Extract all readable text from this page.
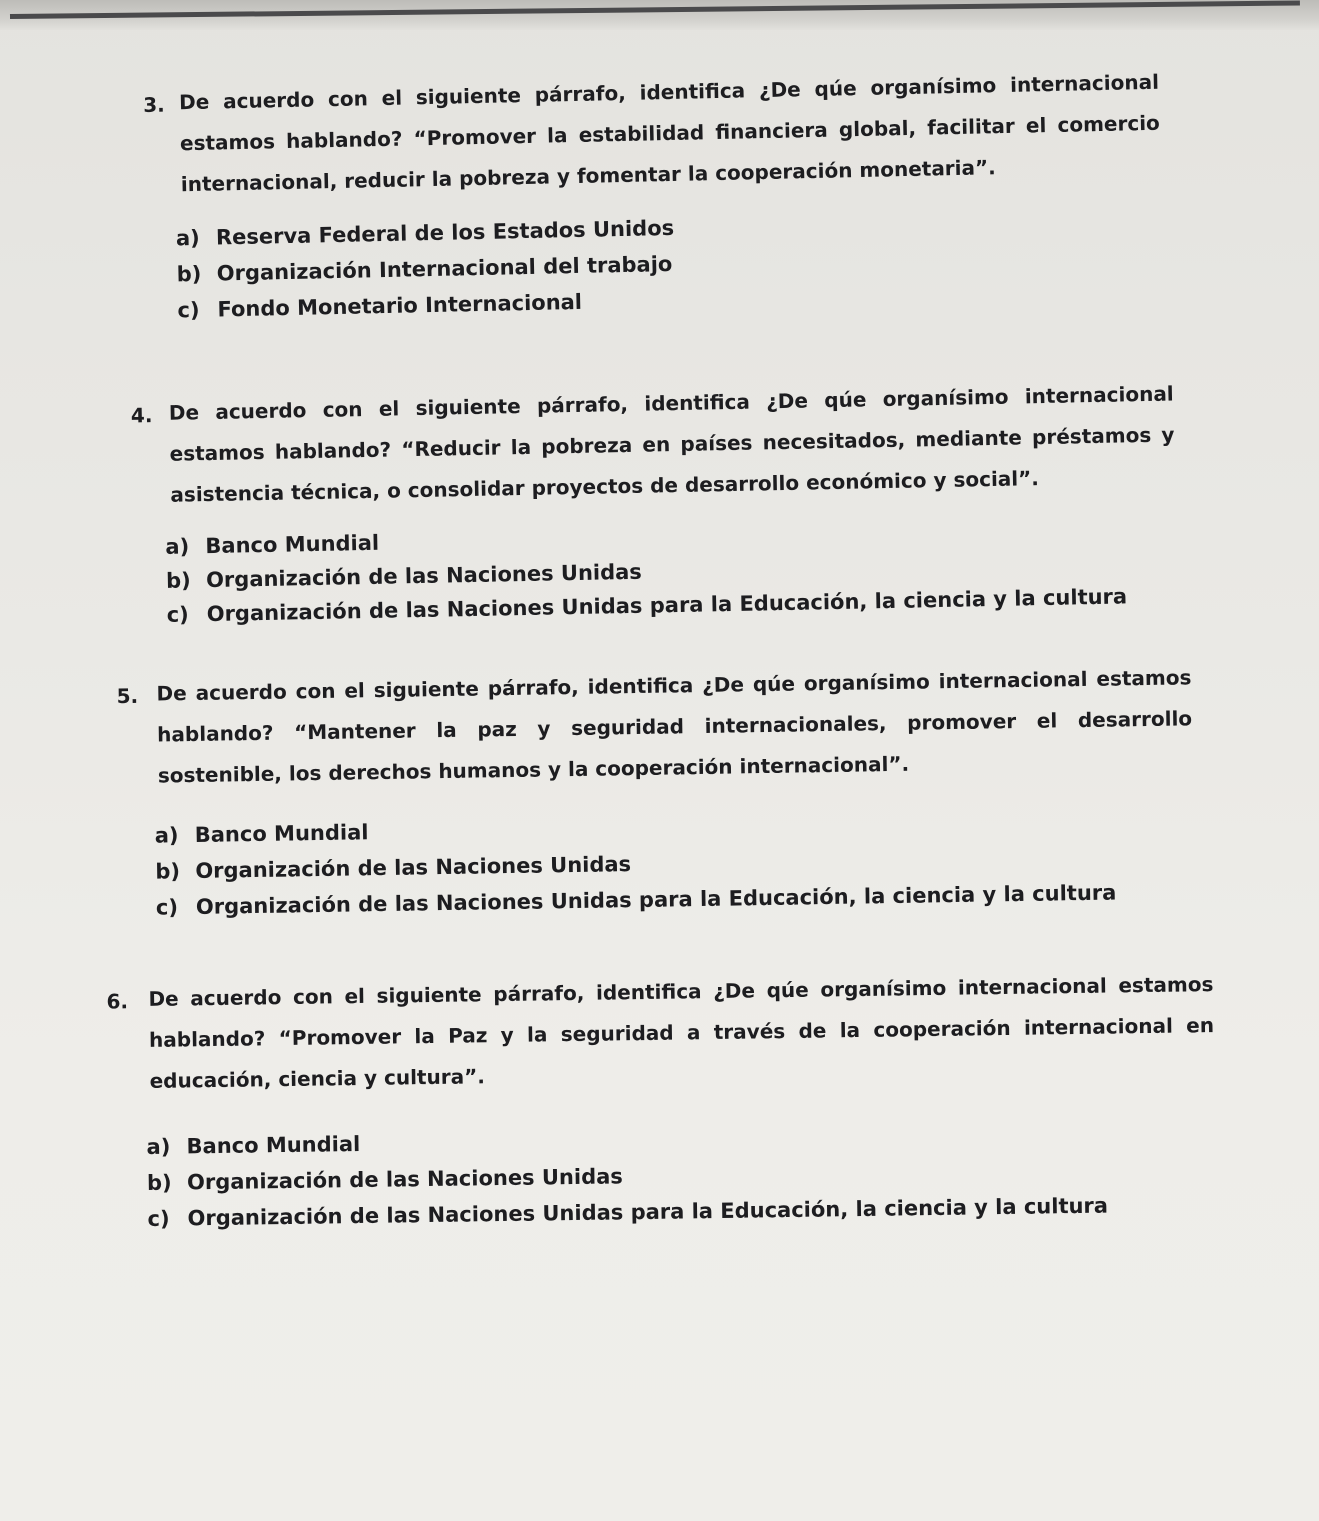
3. De acuerdo con el siguiente párrafo, identifica ¿De qúe organísimo internacional estamos hablando? “Promover la estabilidad financiera global, facilitar el comercio internacional, reducir la pobreza y fomentar la cooperación monetaria”.
a) Reserva Federal de los Estados Unidos
b) Organización Internacional del trabajo
c) Fondo Monetario Internacional
4. De acuerdo con el siguiente párrafo, identifica ¿De qúe organísimo internacional estamos hablando? “Reducir la pobreza en países necesitados, mediante préstamos y asistencia técnica, o consolidar proyectos de desarrollo económico y social”.
a) Banco Mundial
b) Organización de las Naciones Unidas
c) Organización de las Naciones Unidas para la Educación, la ciencia y la cultura
5. De acuerdo con el siguiente párrafo, identifica ¿De qúe organísimo internacional estamos hablando? “Mantener la paz y seguridad internacionales, promover el desarrollo sostenible, los derechos humanos y la cooperación internacional”.
a) Banco Mundial
b) Organización de las Naciones Unidas
c) Organización de las Naciones Unidas para la Educación, la ciencia y la cultura
6. De acuerdo con el siguiente párrafo, identifica ¿De qúe organísimo internacional estamos hablando? “Promover la Paz y la seguridad a través de la cooperación internacional en educación, ciencia y cultura”.
a) Banco Mundial
b) Organización de las Naciones Unidas
c) Organización de las Naciones Unidas para la Educación, la ciencia y la cultura
